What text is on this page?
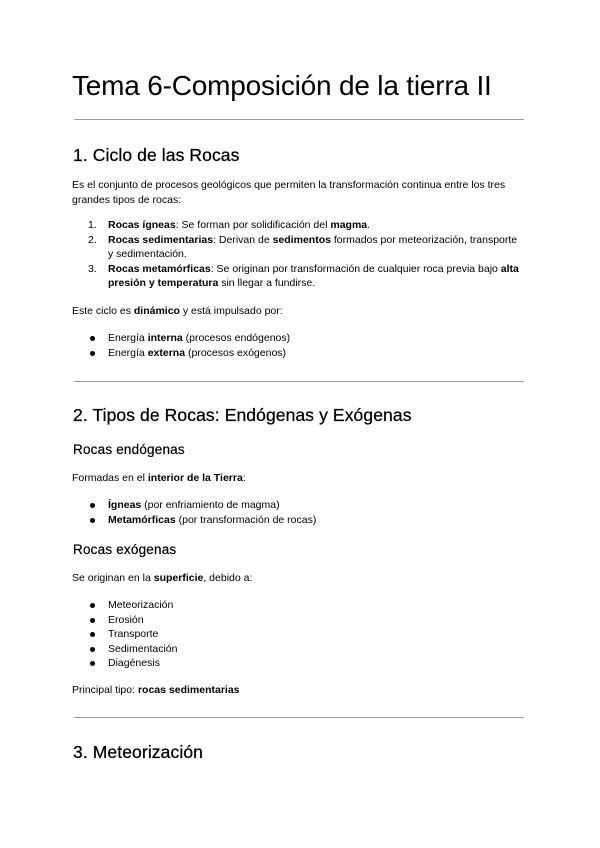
Tema 6-Composición de la tierra II
1. Ciclo de las Rocas

Es el conjunto de procesos geológicos que permiten la transformación continua entre los tres grandes tipos de rocas:

1. Rocas ígneas: Se forman por solidificación del magma.
2. Rocas sedimentarias: Derivan de sedimentos formados por meteorización, transporte y sedimentación.
3. Rocas metamórficas: Se originan por transformación de cualquier roca previa bajo alta presión y temperatura sin llegar a fundirse.

Este ciclo es dinámico y está impulsado por:

Energía interna (procesos endógenos)
Energía externa (procesos exógenos)
2. Tipos de Rocas: Endógenas y Exógenas
Rocas endógenas

Formadas en el interior de la Tierra:

Ígneas (por enfriamiento de magma)
Metamórficas (por transformación de rocas)
Rocas exógenas

Se originan en la superficie, debido a:

Meteorización
Erosión
Transporte
Sedimentación
Diagénesis

Principal tipo: rocas sedimentarias

3. Meteorización
